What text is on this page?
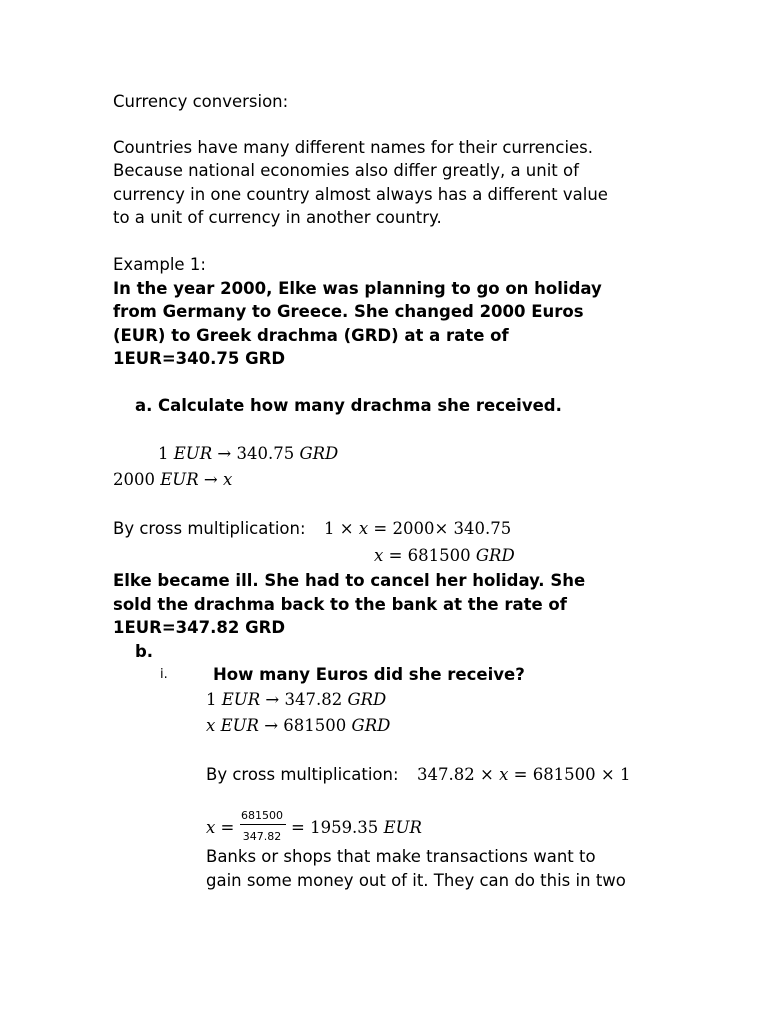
Currency conversion:
Countries have many different names for their currencies.
Because national economies also differ greatly, a unit of
currency in one country almost always has a different value
to a unit of currency in another country.
Example 1:
In the year 2000, Elke was planning to go on holiday
from Germany to Greece. She changed 2000 Euros
(EUR) to Greek drachma (GRD) at a rate of
1EUR=340.75 GRD
a. Calculate how many drachma she received.
1 EUR → 340.75 GRD
2000 EUR → x
By cross multiplication: 1 × x = 2000× 340.75
x = 681500 GRD
Elke became ill. She had to cancel her holiday. She
sold the drachma back to the bank at the rate of
1EUR=347.82 GRD
b.
i.	How many Euros did she receive?
1 EUR → 347.82 GRD
x EUR → 681500 GRD
By cross multiplication: 347.82 × x = 681500 × 1
x =
681500
347.82 = 1959.35 EUR
Banks or shops that make transactions want to
gain some money out of it. They can do this in two
